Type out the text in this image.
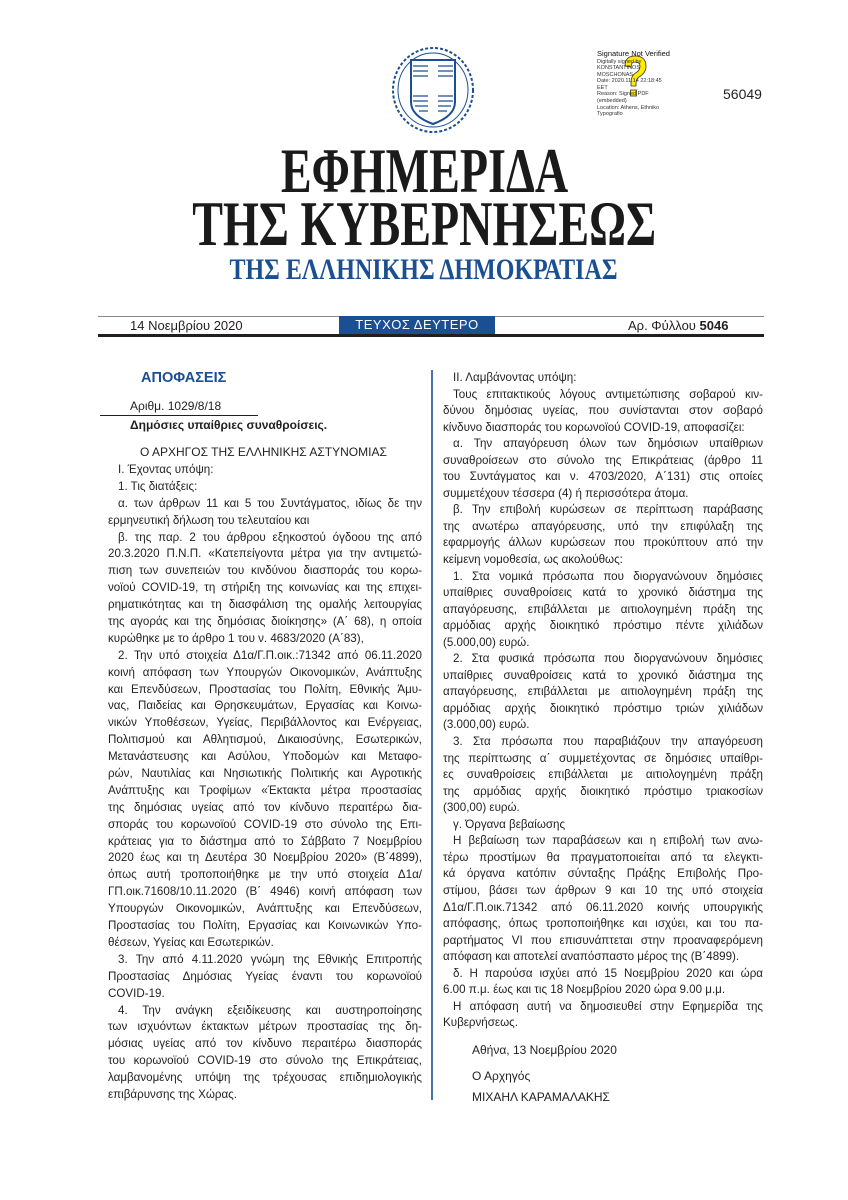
Signature Not Verified
Digitally signed by
KONSTANTINOS
MOSCHONAS
Date: 2020.11.14 22:18:45
EET
Reason: Signed PDF
(embedded)
Location: Athens, Ethniko
Typografio
56049
ΕΦΗΜΕΡΙΔΑ
ΤΗΣ ΚΥΒΕΡΝΗΣΕΩΣ
ΤΗΣ ΕΛΛΗΝΙΚΗΣ ΔΗΜΟΚΡΑΤΙΑΣ
14 Νοεμβρίου 2020	ΤΕΥΧΟΣ ΔΕΥΤΕΡΟ	Αρ. Φύλλου 5046
ΑΠΟΦΑΣΕΙΣ
Αριθμ. 1029/8/18
Δημόσιες υπαίθριες συναθροίσεις.
Ο ΑΡΧΗΓΟΣ ΤΗΣ ΕΛΛΗΝΙΚΗΣ ΑΣΤΥΝΟΜΙΑΣ
Ι. Έχοντας υπόψη:
1. Τις διατάξεις:
α. των άρθρων 11 και 5 του Συντάγματος, ιδίως δε την
ερμηνευτική δήλωση του τελευταίου και
β. της παρ. 2 του άρθρου εξηκοστού όγδοου της από
20.3.2020 Π.Ν.Π. «Κατεπείγοντα μέτρα για την αντιμετώ-
πιση των συνεπειών του κινδύνου διασποράς του κορω-
νοϊού COVID-19, τη στήριξη της κοινωνίας και της επιχει-
ρηματικότητας και τη διασφάλιση της ομαλής λειτουργίας
της αγοράς και της δημόσιας διοίκησης» (Α΄ 68), η οποία
κυρώθηκε με το άρθρο 1 του ν. 4683/2020 (Α΄83),
2. Την υπό στοιχεία Δ1α/Γ.Π.οικ.:71342 από 06.11.2020
κοινή απόφαση των Υπουργών Οικονομικών, Ανάπτυξης
και Επενδύσεων, Προστασίας του Πολίτη, Εθνικής Άμυ-
νας, Παιδείας και Θρησκευμάτων, Εργασίας και Κοινω-
νικών Υποθέσεων, Υγείας, Περιβάλλοντος και Ενέργειας,
Πολιτισμού και Αθλητισμού, Δικαιοσύνης, Εσωτερικών,
Μετανάστευσης και Ασύλου, Υποδομών και Μεταφο-
ρών, Ναυτιλίας και Νησιωτικής Πολιτικής και Αγροτικής
Ανάπτυξης και Τροφίμων «Έκτακτα μέτρα προστασίας
της δημόσιας υγείας από τον κίνδυνο περαιτέρω δια-
σποράς του κορωνοϊού COVID-19 στο σύνολο της Επι-
κράτειας για το διάστημα από το Σάββατο 7 Νοεμβρίου
2020 έως και τη Δευτέρα 30 Νοεμβρίου 2020» (Β΄4899),
όπως αυτή τροποποιήθηκε με την υπό στοιχεία Δ1α/
ΓΠ.οικ.71608/10.11.2020 (Β΄ 4946) κοινή απόφαση των
Υπουργών Οικονομικών, Ανάπτυξης και Επενδύσεων,
Προστασίας του Πολίτη, Εργασίας και Κοινωνικών Υπο-
θέσεων, Υγείας και Εσωτερικών.
3. Την από 4.11.2020 γνώμη της Εθνικής Επιτροπής
Προστασίας Δημόσιας Υγείας έναντι του κορωνοϊού
COVID-19.
4. Την ανάγκη εξειδίκευσης και αυστηροποίησης
των ισχυόντων έκτακτων μέτρων προστασίας της δη-
μόσιας υγείας από τον κίνδυνο περαιτέρω διασποράς
του κορωνοϊού COVID-19 στο σύνολο της Επικράτειας,
λαμβανομένης υπόψη της τρέχουσας επιδημιολογικής
επιβάρυνσης της Χώρας.
ΙΙ. Λαμβάνοντας υπόψη:
Τους επιτακτικούς λόγους αντιμετώπισης σοβαρού κιν-
δύνου δημόσιας υγείας, που συνίστανται στον σοβαρό
κίνδυνο διασποράς του κορωνοϊού COVID-19, αποφασίζει:
α. Την απαγόρευση όλων των δημόσιων υπαίθριων
συναθροίσεων στο σύνολο της Επικράτειας (άρθρο 11
του Συντάγματος και ν. 4703/2020, Α΄131) στις οποίες
συμμετέχουν τέσσερα (4) ή περισσότερα άτομα.
β. Την επιβολή κυρώσεων σε περίπτωση παράβασης
της ανωτέρω απαγόρευσης, υπό την επιφύλαξη της
εφαρμογής άλλων κυρώσεων που προκύπτουν από την
κείμενη νομοθεσία, ως ακολούθως:
1. Στα νομικά πρόσωπα που διοργανώνουν δημόσιες
υπαίθριες συναθροίσεις κατά το χρονικό διάστημα της
απαγόρευσης, επιβάλλεται με αιτιολογημένη πράξη της
αρμόδιας αρχής διοικητικό πρόστιμο πέντε χιλιάδων
(5.000,00) ευρώ.
2. Στα φυσικά πρόσωπα που διοργανώνουν δημόσιες
υπαίθριες συναθροίσεις κατά το χρονικό διάστημα της
απαγόρευσης, επιβάλλεται με αιτιολογημένη πράξη της
αρμόδιας αρχής διοικητικό πρόστιμο τριών χιλιάδων
(3.000,00) ευρώ.
3. Στα πρόσωπα που παραβιάζουν την απαγόρευση
της περίπτωσης α΄ συμμετέχοντας σε δημόσιες υπαίθρι-
ες συναθροίσεις επιβάλλεται με αιτιολογημένη πράξη
της αρμόδιας αρχής διοικητικό πρόστιμο τριακοσίων
(300,00) ευρώ.
γ. Όργανα βεβαίωσης
Η βεβαίωση των παραβάσεων και η επιβολή των ανω-
τέρω προστίμων θα πραγματοποιείται από τα ελεγκτι-
κά όργανα κατόπιν σύνταξης Πράξης Επιβολής Προ-
στίμου, βάσει των άρθρων 9 και 10 της υπό στοιχεία
Δ1α/Γ.Π.οικ.71342 από 06.11.2020 κοινής υπουργικής
απόφασης, όπως τροποποιήθηκε και ισχύει, και του πα-
ραρτήματος VI που επισυνάπτεται στην προαναφερόμενη
απόφαση και αποτελεί αναπόσπαστο μέρος της (Β΄4899).
δ. Η παρούσα ισχύει από 15 Νοεμβρίου 2020 και ώρα
6.00 π.μ. έως και τις 18 Νοεμβρίου 2020 ώρα 9.00 μ.μ.
Η απόφαση αυτή να δημοσιευθεί στην Εφημερίδα της
Κυβερνήσεως.
Αθήνα, 13 Νοεμβρίου 2020
Ο Αρχηγός
ΜΙΧΑΗΛ ΚΑΡΑΜΑΛΑΚΗΣ
